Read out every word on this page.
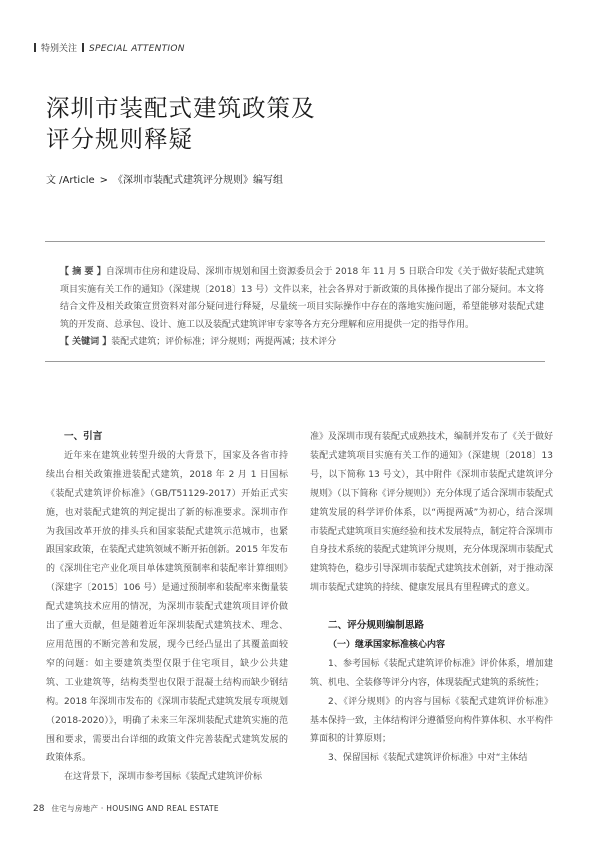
特别关注 SPECIAL ATTENTION
深圳市装配式建筑政策及
评分规则释疑
文 /Article > 《深圳市装配式建筑评分规则》编写组

【 摘 要 】自深圳市住房和建设局、深圳市规划和国土资源委员会于 2018 年 11 月 5 日联合印发《关于做好装配式建筑项目实施有关工作的通知》（深建规〔2018〕13 号）文件以来，社会各界对于新政策的具体操作提出了部分疑问。本文将结合文件及相关政策宣贯资料对部分疑问进行释疑，尽量统一项目实际操作中存在的落地实施问题，希望能够对装配式建筑的开发商、总承包、设计、施工以及装配式建筑评审专家等各方充分理解和应用提供一定的指导作用。

【 关键词 】装配式建筑；评价标准；评分规则；两提两减；技术评分

一、引言

近年来在建筑业转型升级的大背景下，国家及各省市持续出台相关政策推进装配式建筑，2018 年 2 月 1 日国标《装配式建筑评价标准》（GB/T51129-2017）开始正式实施，也对装配式建筑的判定提出了新的标准要求。深圳市作为我国改革开放的排头兵和国家装配式建筑示范城市，也紧跟国家政策，在装配式建筑领域不断开拓创新。2015 年发布的《深圳住宅产业化项目单体建筑预制率和装配率计算细则》（深建字〔2015〕106 号）是通过预制率和装配率来衡量装配式建筑技术应用的情况，为深圳市装配式建筑项目评价做出了重大贡献，但是随着近年深圳装配式建筑技术、理念、应用范围的不断完善和发展，现今已经凸显出了其覆盖面较窄的问题：如主要建筑类型仅限于住宅项目，缺少公共建筑、工业建筑等，结构类型也仅限于混凝土结构而缺少钢结构。2018 年深圳市发布的《深圳市装配式建筑发展专项规划（2018-2020）》，明确了未来三年深圳装配式建筑实施的范围和要求，需要出台详细的政策文件完善装配式建筑发展的政策体系。

在这背景下，深圳市参考国标《装配式建筑评价标

准》及深圳市现有装配式成熟技术，编制并发布了《关于做好装配式建筑项目实施有关工作的通知》（深建规〔2018〕13 号，以下简称 13 号文），其中附件《深圳市装配式建筑评分规则》（以下简称《评分规则》）充分体现了适合深圳市装配式建筑发展的科学评价体系，以“两提两减”为初心，结合深圳市装配式建筑项目实施经验和技术发展特点，制定符合深圳市自身技术系统的装配式建筑评分规则，充分体现深圳市装配式建筑特色，稳步引导深圳市装配式建筑技术创新，对于推动深圳市装配式建筑的持续、健康发展具有里程碑式的意义。

二、评分规则编制思路

（一）继承国家标准核心内容

1、参考国标《装配式建筑评价标准》评价体系，增加建筑、机电、全装修等评分内容，体现装配式建筑的系统性；

2、《评分规则》的内容与国标《装配式建筑评价标准》基本保持一致，主体结构评分遵循竖向构件算体积、水平构件算面积的计算原则；

3、保留国标《装配式建筑评价标准》中对“主体结

28 住宅与房地产 · HOUSING AND REAL ESTATE
